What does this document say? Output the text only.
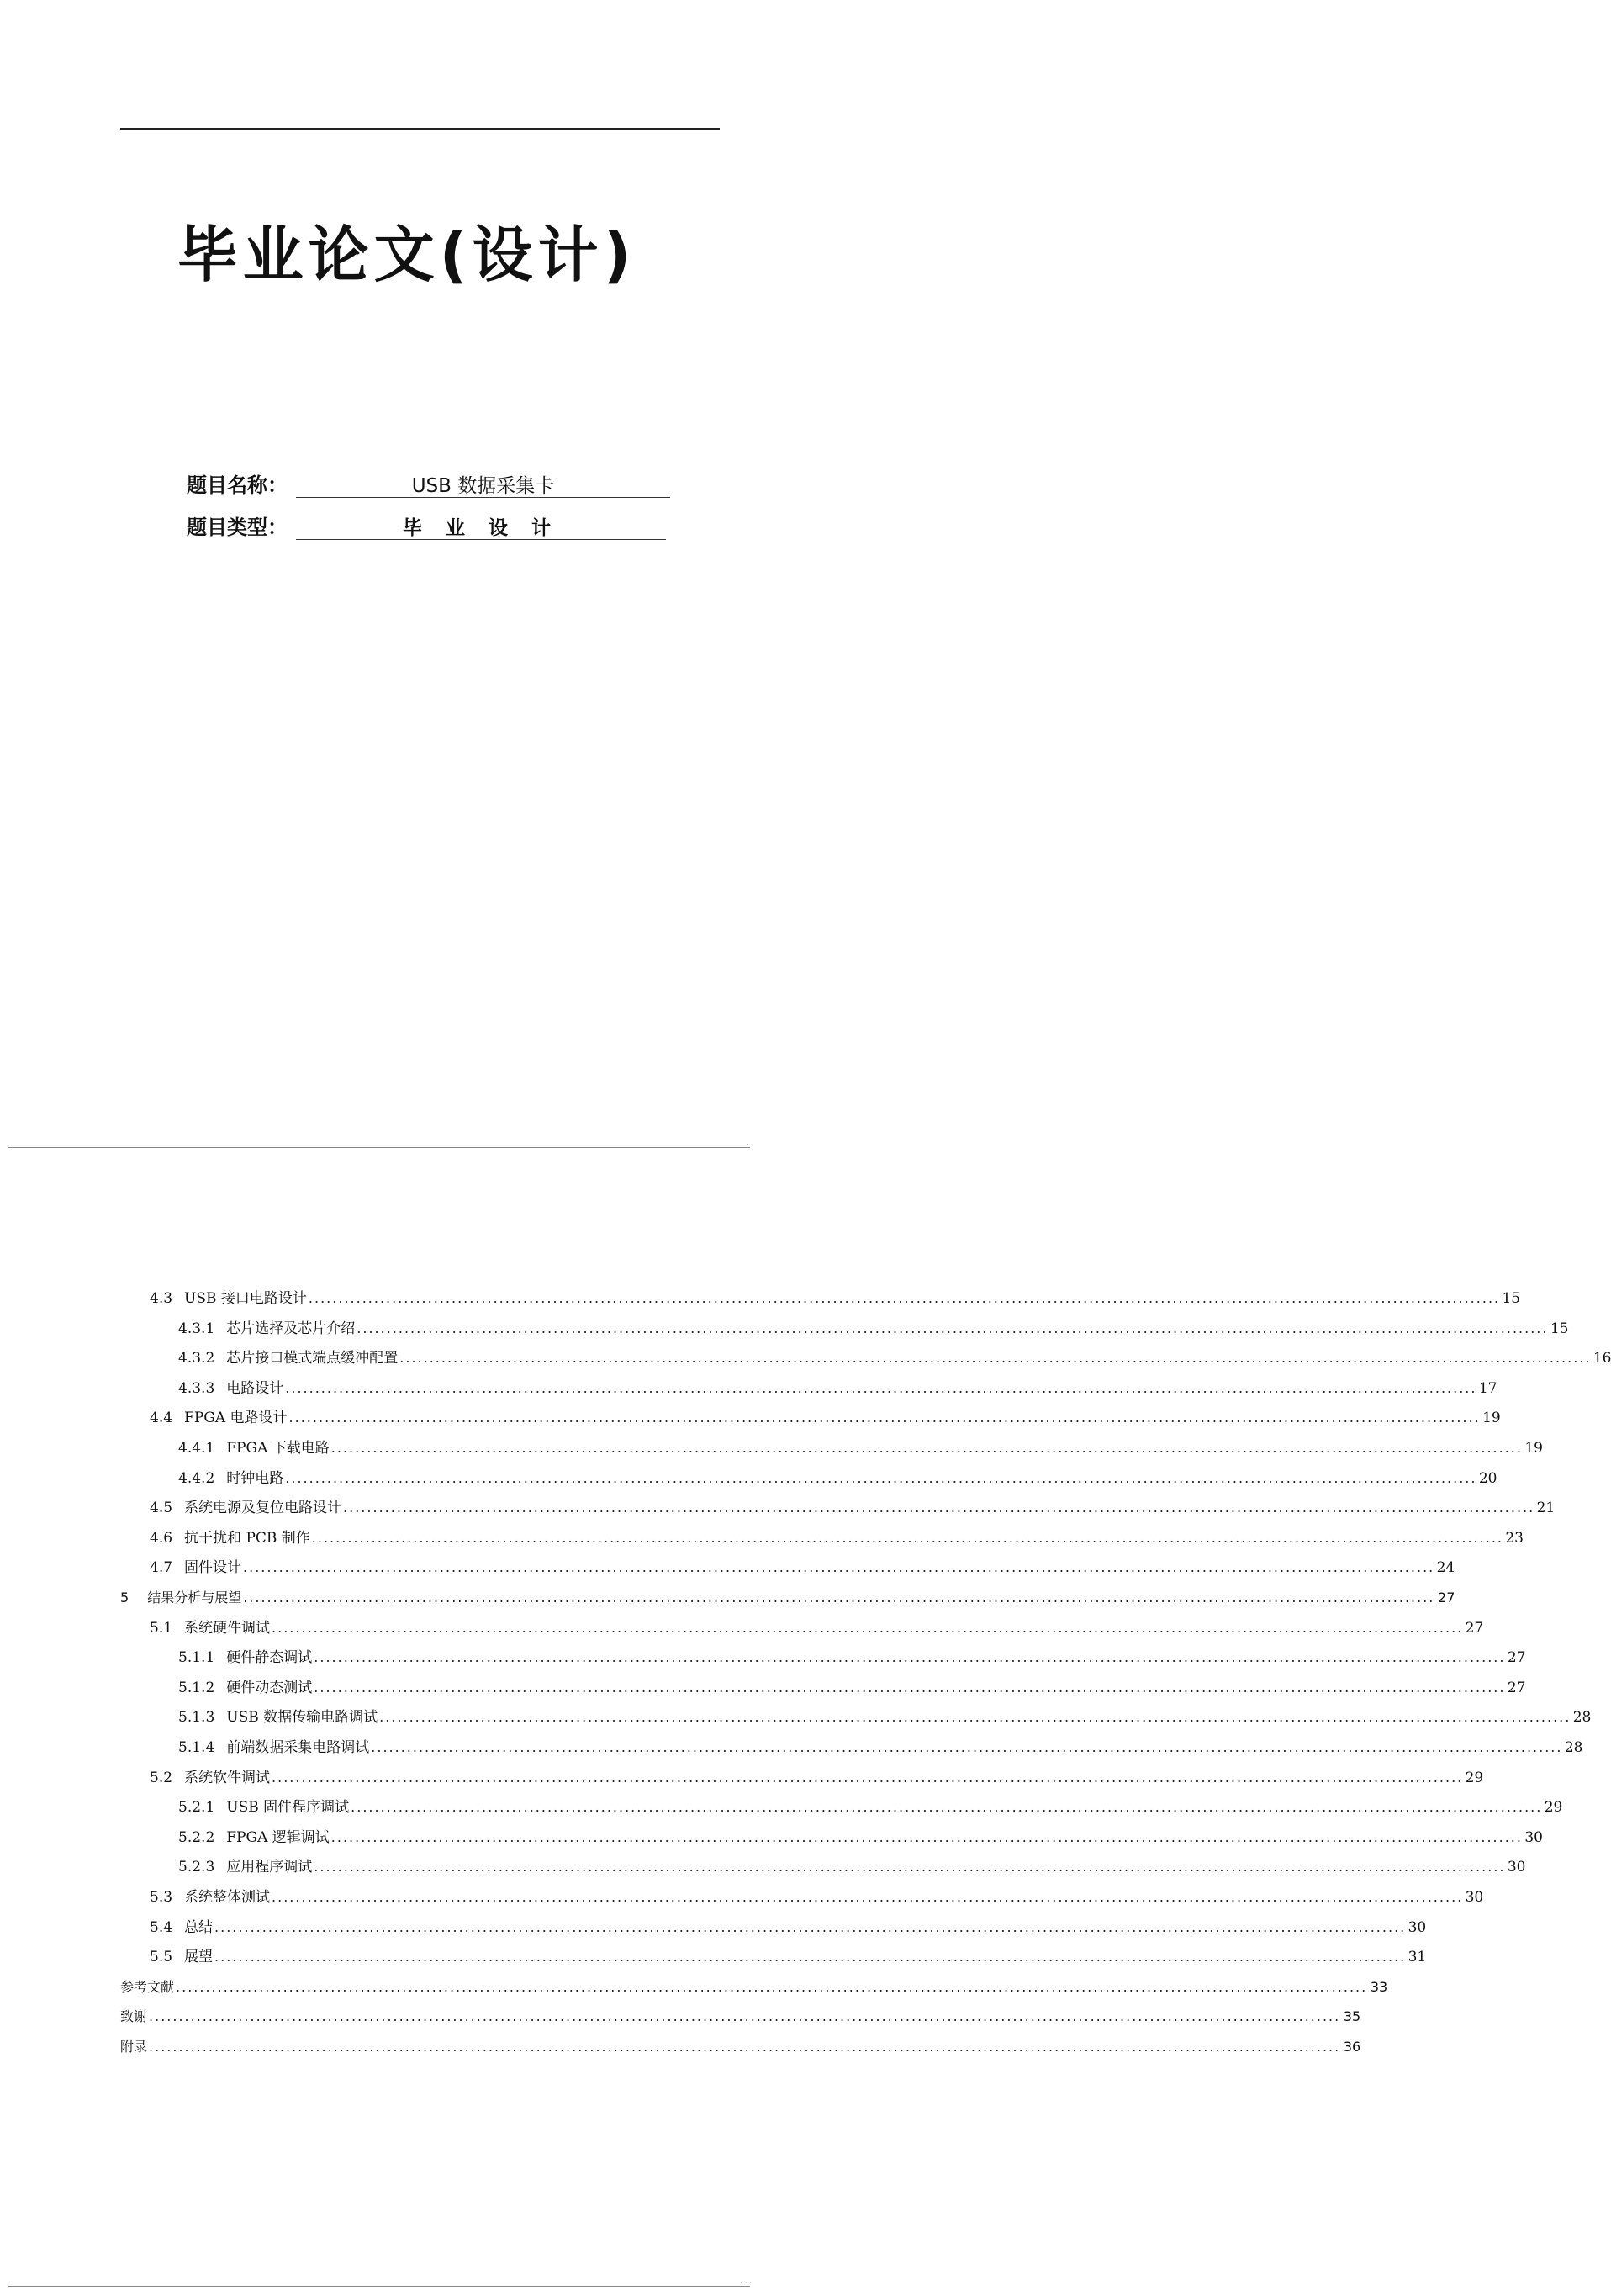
毕业论文(设计)
题目名称：	USB 数据采集卡
题目类型：	毕 业 设 计
· ·
4.3 USB 接口电路设计 ........................................................................................................................................................................................................ 15
4.3.1 芯片选择及芯片介绍 ........................................................................................................................................................................................................ 15
4.3.2 芯片接口模式端点缓冲配置 ........................................................................................................................................................................................................ 16
4.3.3 电路设计 ........................................................................................................................................................................................................ 17
4.4 FPGA 电路设计 ........................................................................................................................................................................................................ 19
4.4.1 FPGA 下载电路 ........................................................................................................................................................................................................ 19
4.4.2 时钟电路 ........................................................................................................................................................................................................ 20
4.5 系统电源及复位电路设计 ........................................................................................................................................................................................................ 21
4.6 抗干扰和 PCB 制作 ........................................................................................................................................................................................................ 23
4.7 固件设计 ........................................................................................................................................................................................................ 24
5 结果分析与展望 ........................................................................................................................................................................................................ 27
5.1 系统硬件调试 ........................................................................................................................................................................................................ 27
5.1.1 硬件静态调试 ........................................................................................................................................................................................................ 27
5.1.2 硬件动态测试 ........................................................................................................................................................................................................ 27
5.1.3 USB 数据传输电路调试 ........................................................................................................................................................................................................ 28
5.1.4 前端数据采集电路调试 ........................................................................................................................................................................................................ 28
5.2 系统软件调试 ........................................................................................................................................................................................................ 29
5.2.1 USB 固件程序调试 ........................................................................................................................................................................................................ 29
5.2.2 FPGA 逻辑调试 ........................................................................................................................................................................................................ 30
5.2.3 应用程序调试 ........................................................................................................................................................................................................ 30
5.3 系统整体测试 ........................................................................................................................................................................................................ 30
5.4 总结 ........................................................................................................................................................................................................ 30
5.5 展望 ........................................................................................................................................................................................................ 31
参考文献 ........................................................................................................................................................................................................ 33
致谢 ........................................................................................................................................................................................................ 35
附录 ........................................................................................................................................................................................................ 36
· · ·
